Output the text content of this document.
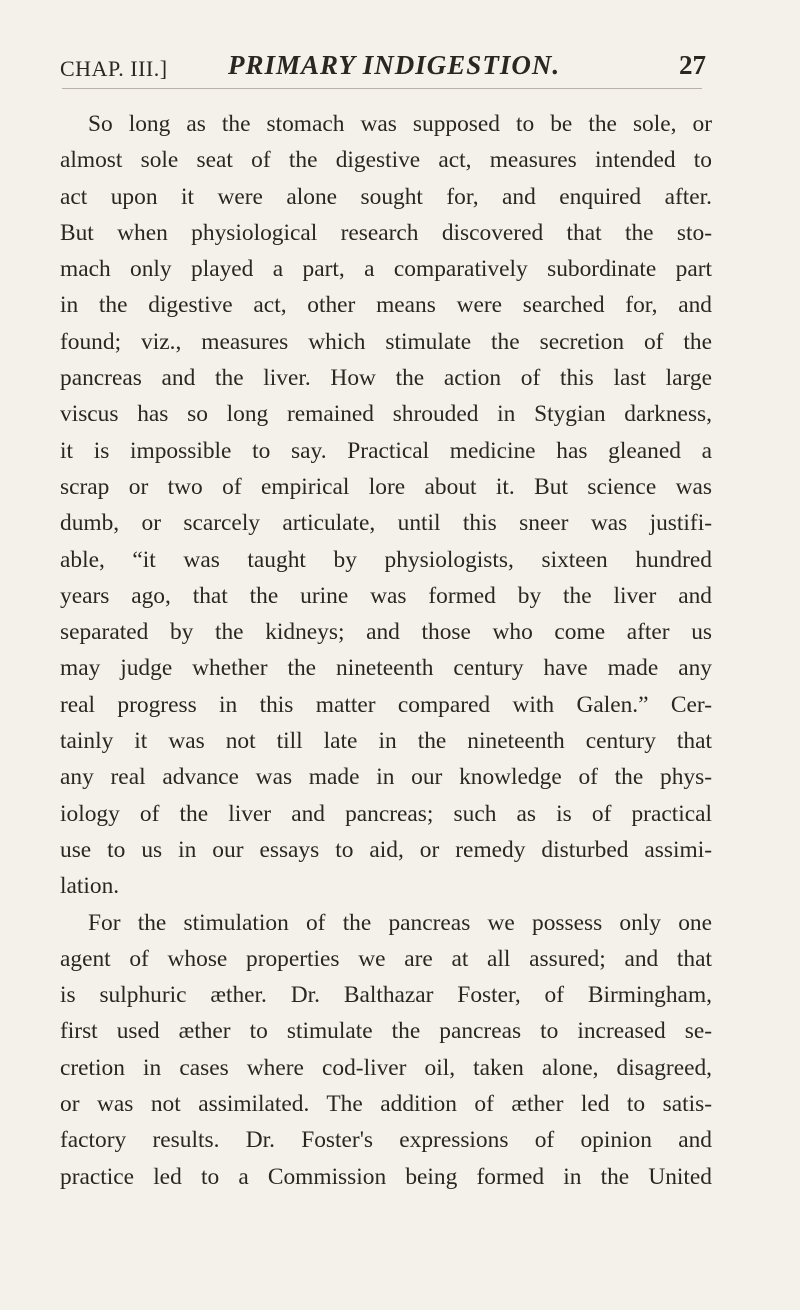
CHAP. III.] PRIMARY INDIGESTION.	27
So long as the stomach was supposed to be the sole, or
almost sole seat of the digestive act, measures intended to
act upon it were alone sought for, and enquired after.
But when physiological research discovered that the sto-
mach only played a part, a comparatively subordinate part
in the digestive act, other means were searched for, and
found; viz., measures which stimulate the secretion of the
pancreas and the liver. How the action of this last large
viscus has so long remained shrouded in Stygian darkness,
it is impossible to say. Practical medicine has gleaned a
scrap or two of empirical lore about it. But science was
dumb, or scarcely articulate, until this sneer was justifi-
able, “it was taught by physiologists, sixteen hundred
years ago, that the urine was formed by the liver and
separated by the kidneys; and those who come after us
may judge whether the nineteenth century have made any
real progress in this matter compared with Galen.” Cer-
tainly it was not till late in the nineteenth century that
any real advance was made in our knowledge of the phys-
iology of the liver and pancreas; such as is of practical
use to us in our essays to aid, or remedy disturbed assimi-
lation.
For the stimulation of the pancreas we possess only one
agent of whose properties we are at all assured; and that
is sulphuric æther. Dr. Balthazar Foster, of Birmingham,
first used æther to stimulate the pancreas to increased se-
cretion in cases where cod-liver oil, taken alone, disagreed,
or was not assimilated. The addition of æther led to satis-
factory results. Dr. Foster's expressions of opinion and
practice led to a Commission being formed in the United
